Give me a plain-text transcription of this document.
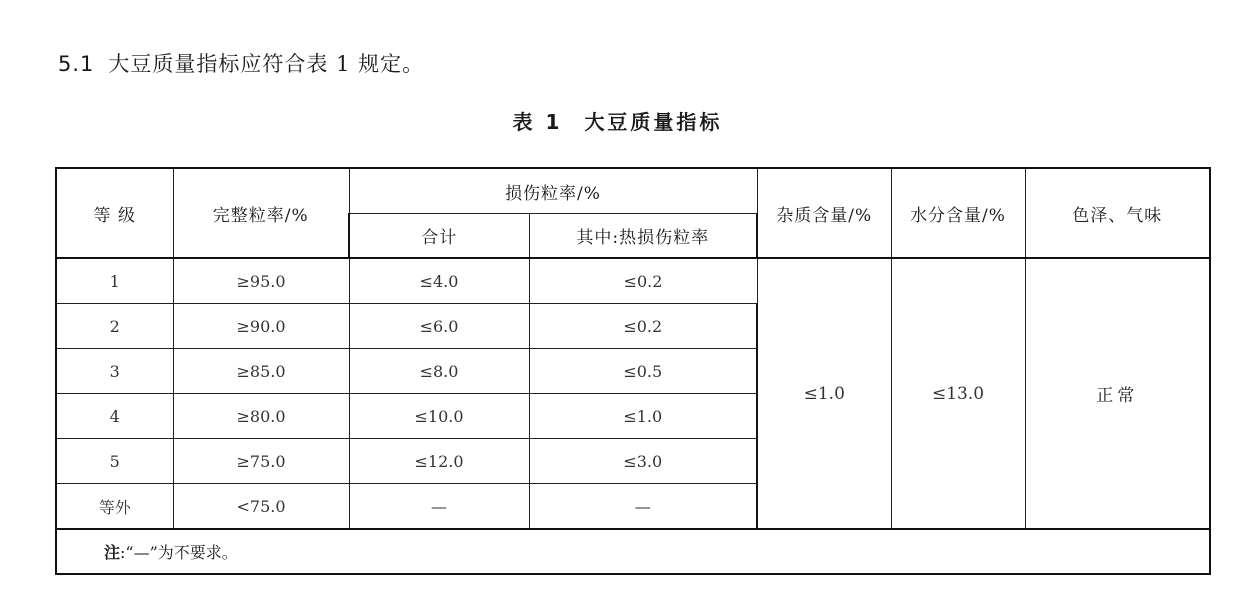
5.1 大豆质量指标应符合表 1 规定。
表 1 大豆质量指标
等 级	完整粒率/%	损伤粒率/%		杂质含量/%	水分含量/%	色泽、气味
		合计	其中:热损伤粒率			
1	≥95.0	≤4.0	≤0.2	≤1.0	≤13.0	正常
2	≥90.0	≤6.0	≤0.2			
3	≥85.0	≤8.0	≤0.5			
4	≥80.0	≤10.0	≤1.0			
5	≥75.0	≤12.0	≤3.0			
等外	<75.0	—	—			
注:“—”为不要求。						
